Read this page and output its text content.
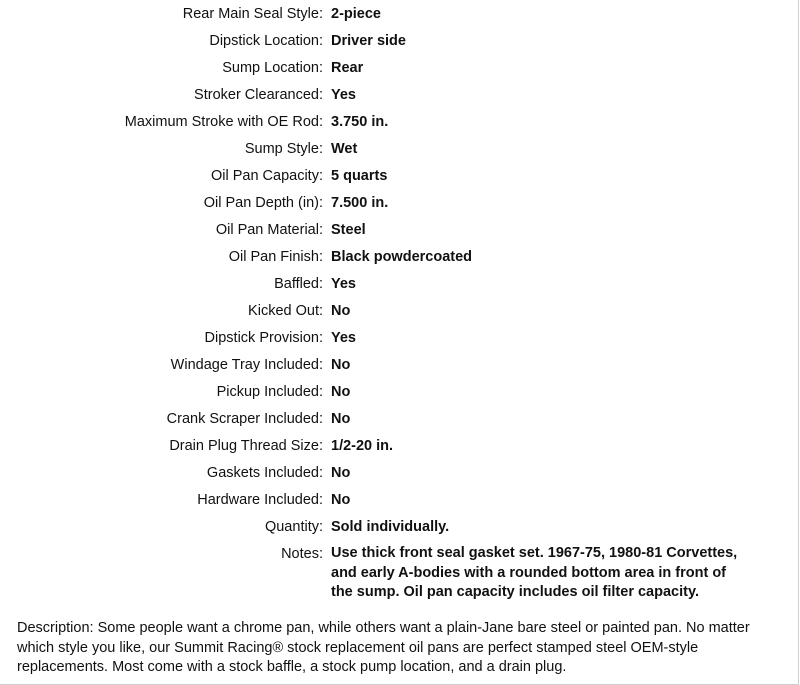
Rear Main Seal Style: 2-piece
Dipstick Location: Driver side
Sump Location: Rear
Stroker Clearanced: Yes
Maximum Stroke with OE Rod: 3.750 in.
Sump Style: Wet
Oil Pan Capacity: 5 quarts
Oil Pan Depth (in): 7.500 in.
Oil Pan Material: Steel
Oil Pan Finish: Black powdercoated
Baffled: Yes
Kicked Out: No
Dipstick Provision: Yes
Windage Tray Included: No
Pickup Included: No
Crank Scraper Included: No
Drain Plug Thread Size: 1/2-20 in.
Gaskets Included: No
Hardware Included: No
Quantity: Sold individually.
Notes: Use thick front seal gasket set. 1967-75, 1980-81 Corvettes, and early A-bodies with a rounded bottom area in front of the sump. Oil pan capacity includes oil filter capacity.

Description: Some people want a chrome pan, while others want a plain-Jane bare steel or painted pan. No matter which style you like, our Summit Racing® stock replacement oil pans are perfect stamped steel OEM-style replacements. Most come with a stock baffle, a stock pump location, and a drain plug.
